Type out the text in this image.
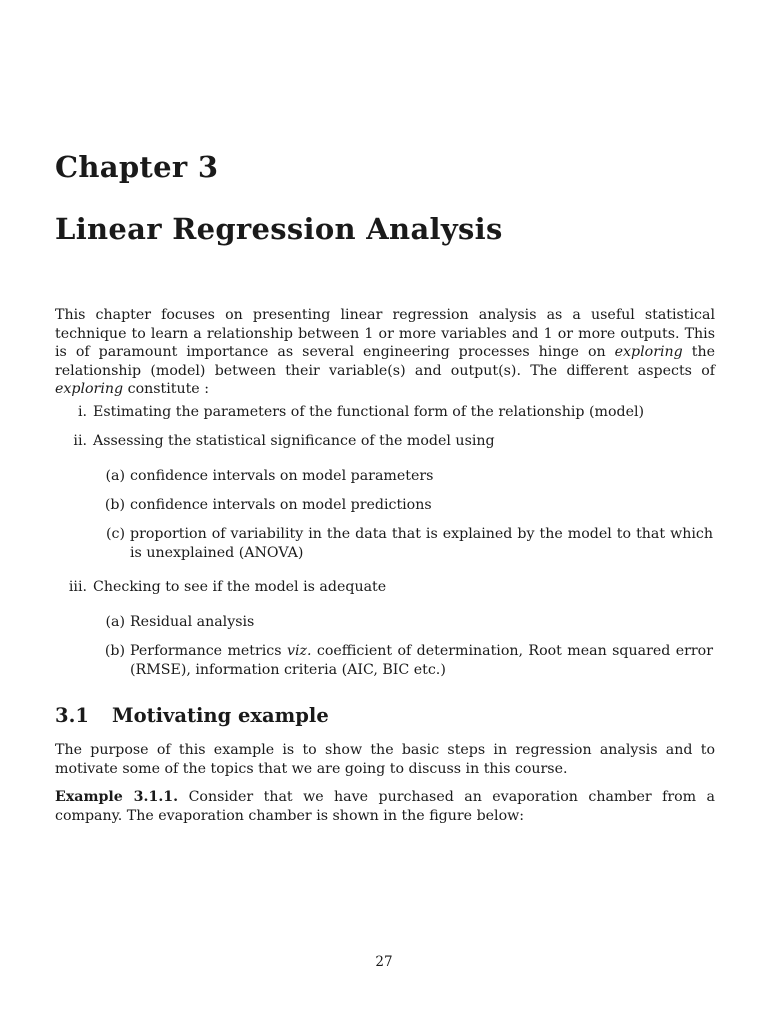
Chapter 3
Linear Regression Analysis

This chapter focuses on presenting linear regression analysis as a useful statistical technique to learn a relationship between 1 or more variables and 1 or more outputs. This is of paramount importance as several engineering processes hinge on exploring the relationship (model) between their variable(s) and output(s). The different aspects of exploring constitute :

i. Estimating the parameters of the functional form of the relationship (model)
ii. Assessing the statistical significance of the model using
(a) confidence intervals on model parameters
(b) confidence intervals on model predictions
(c) proportion of variability in the data that is explained by the model to that which is unexplained (ANOVA)
iii. Checking to see if the model is adequate
(a) Residual analysis
(b) Performance metrics viz. coefficient of determination, Root mean squared error (RMSE), information criteria (AIC, BIC etc.)
3.1 Motivating example

The purpose of this example is to show the basic steps in regression analysis and to motivate some of the topics that we are going to discuss in this course.

Example 3.1.1. Consider that we have purchased an evaporation chamber from a company. The evaporation chamber is shown in the figure below:

27
